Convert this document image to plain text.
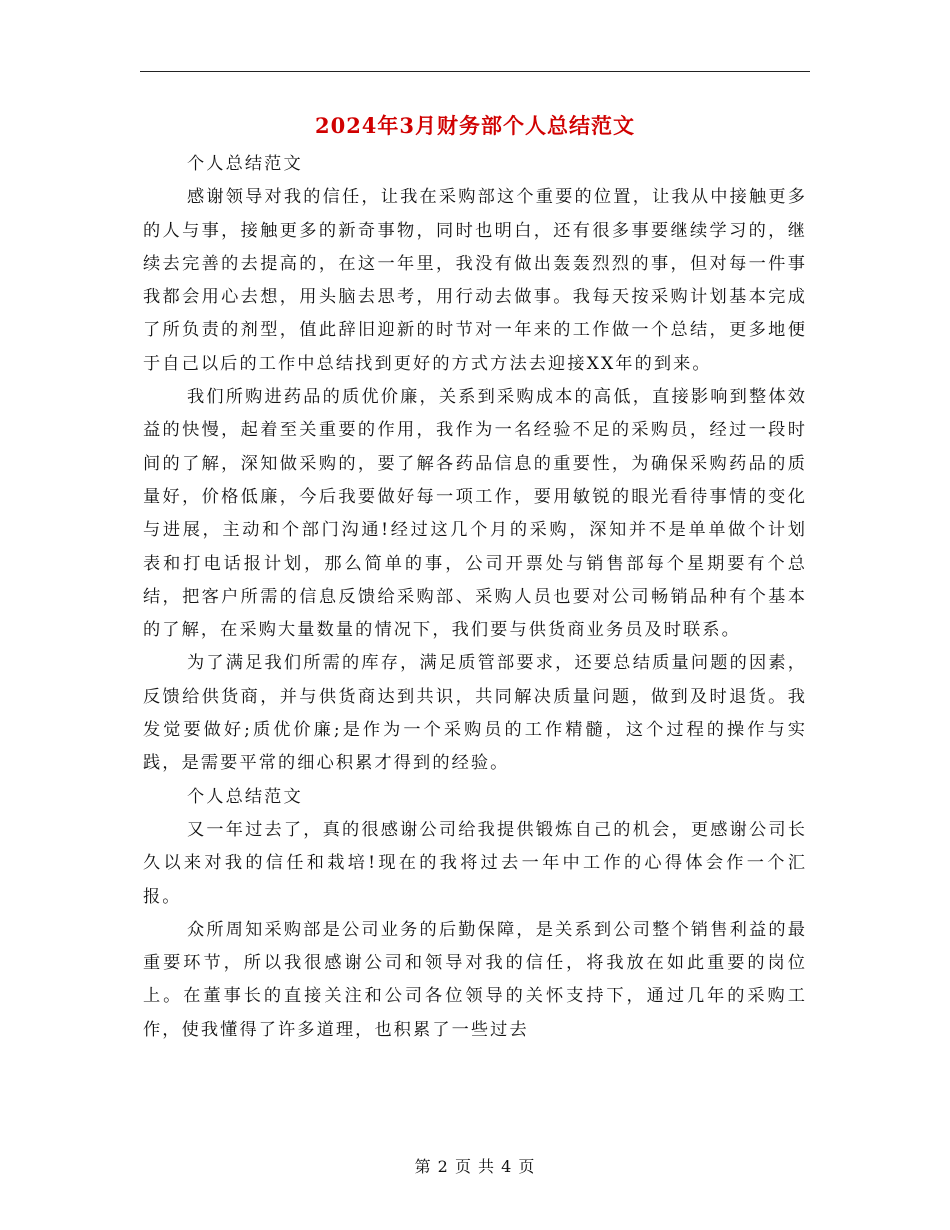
2024年3月财务部个人总结范文

个人总结范文

感谢领导对我的信任，让我在采购部这个重要的位置，让我从中接触更多的人与事，接触更多的新奇事物，同时也明白，还有很多事要继续学习的，继续去完善的去提高的，在这一年里，我没有做出轰轰烈烈的事，但对每一件事我都会用心去想，用头脑去思考，用行动去做事。我每天按采购计划基本完成了所负责的剂型，值此辞旧迎新的时节对一年来的工作做一个总结，更多地便于自己以后的工作中总结找到更好的方式方法去迎接XX年的到来。

我们所购进药品的质优价廉，关系到采购成本的高低，直接影响到整体效益的快慢，起着至关重要的作用，我作为一名经验不足的采购员，经过一段时间的了解，深知做采购的，要了解各药品信息的重要性，为确保采购药品的质量好，价格低廉，今后我要做好每一项工作，要用敏锐的眼光看待事情的变化与进展，主动和个部门沟通!经过这几个月的采购，深知并不是单单做个计划表和打电话报计划，那么简单的事，公司开票处与销售部每个星期要有个总结，把客户所需的信息反馈给采购部、采购人员也要对公司畅销品种有个基本的了解，在采购大量数量的情况下，我们要与供货商业务员及时联系。

为了满足我们所需的库存，满足质管部要求，还要总结质量问题的因素，反馈给供货商，并与供货商达到共识，共同解决质量问题，做到及时退货。我发觉要做好;质优价廉;是作为一个采购员的工作精髓，这个过程的操作与实践，是需要平常的细心积累才得到的经验。

个人总结范文

又一年过去了，真的很感谢公司给我提供锻炼自己的机会，更感谢公司长久以来对我的信任和栽培!现在的我将过去一年中工作的心得体会作一个汇报。

众所周知采购部是公司业务的后勤保障，是关系到公司整个销售利益的最重要环节，所以我很感谢公司和领导对我的信任，将我放在如此重要的岗位上。在董事长的直接关注和公司各位领导的关怀支持下，通过几年的采购工作，使我懂得了许多道理，也积累了一些过去

第 2 页 共 4 页
